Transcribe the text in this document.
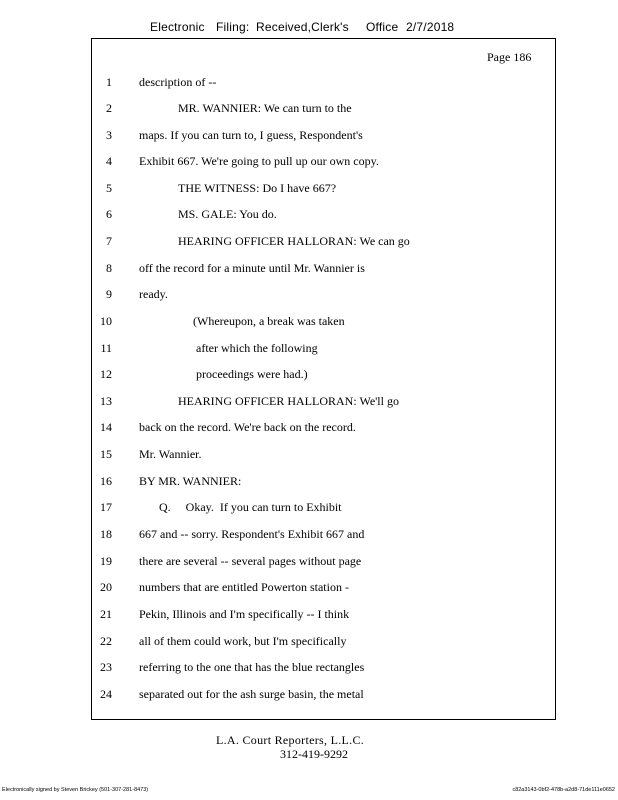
Electronic Filing: Received,Clerk's Office 2/7/2018
Page 186
1 description of --
2	MR. WANNIER: We can turn to the
3 maps. If you can turn to, I guess, Respondent's
4 Exhibit 667. We're going to pull up our own copy.
5	THE WITNESS: Do I have 667?
6	MS. GALE: You do.
7	HEARING OFFICER HALLORAN: We can go
8 off the record for a minute until Mr. Wannier is
9 ready.
10	(Whereupon, a break was taken
11	after which the following
12	proceedings were had.)
13	HEARING OFFICER HALLORAN: We'll go
14 back on the record. We're back on the record.
15 Mr. Wannier.
16 BY MR. WANNIER:
17	Q.     Okay.  If you can turn to Exhibit
18 667 and -- sorry. Respondent's Exhibit 667 and
19 there are several -- several pages without page
20 numbers that are entitled Powerton station -
21 Pekin, Illinois and I'm specifically -- I think
22 all of them could work, but I'm specifically
23 referring to the one that has the blue rectangles
24 separated out for the ash surge basin, the metal
L.A. Court Reporters, L.L.C.
312-419-9292
Electronically signed by Steven Brickey (501-307-281-8473)	c82a3143-0bf2-478b-a2d8-71de111e0652
